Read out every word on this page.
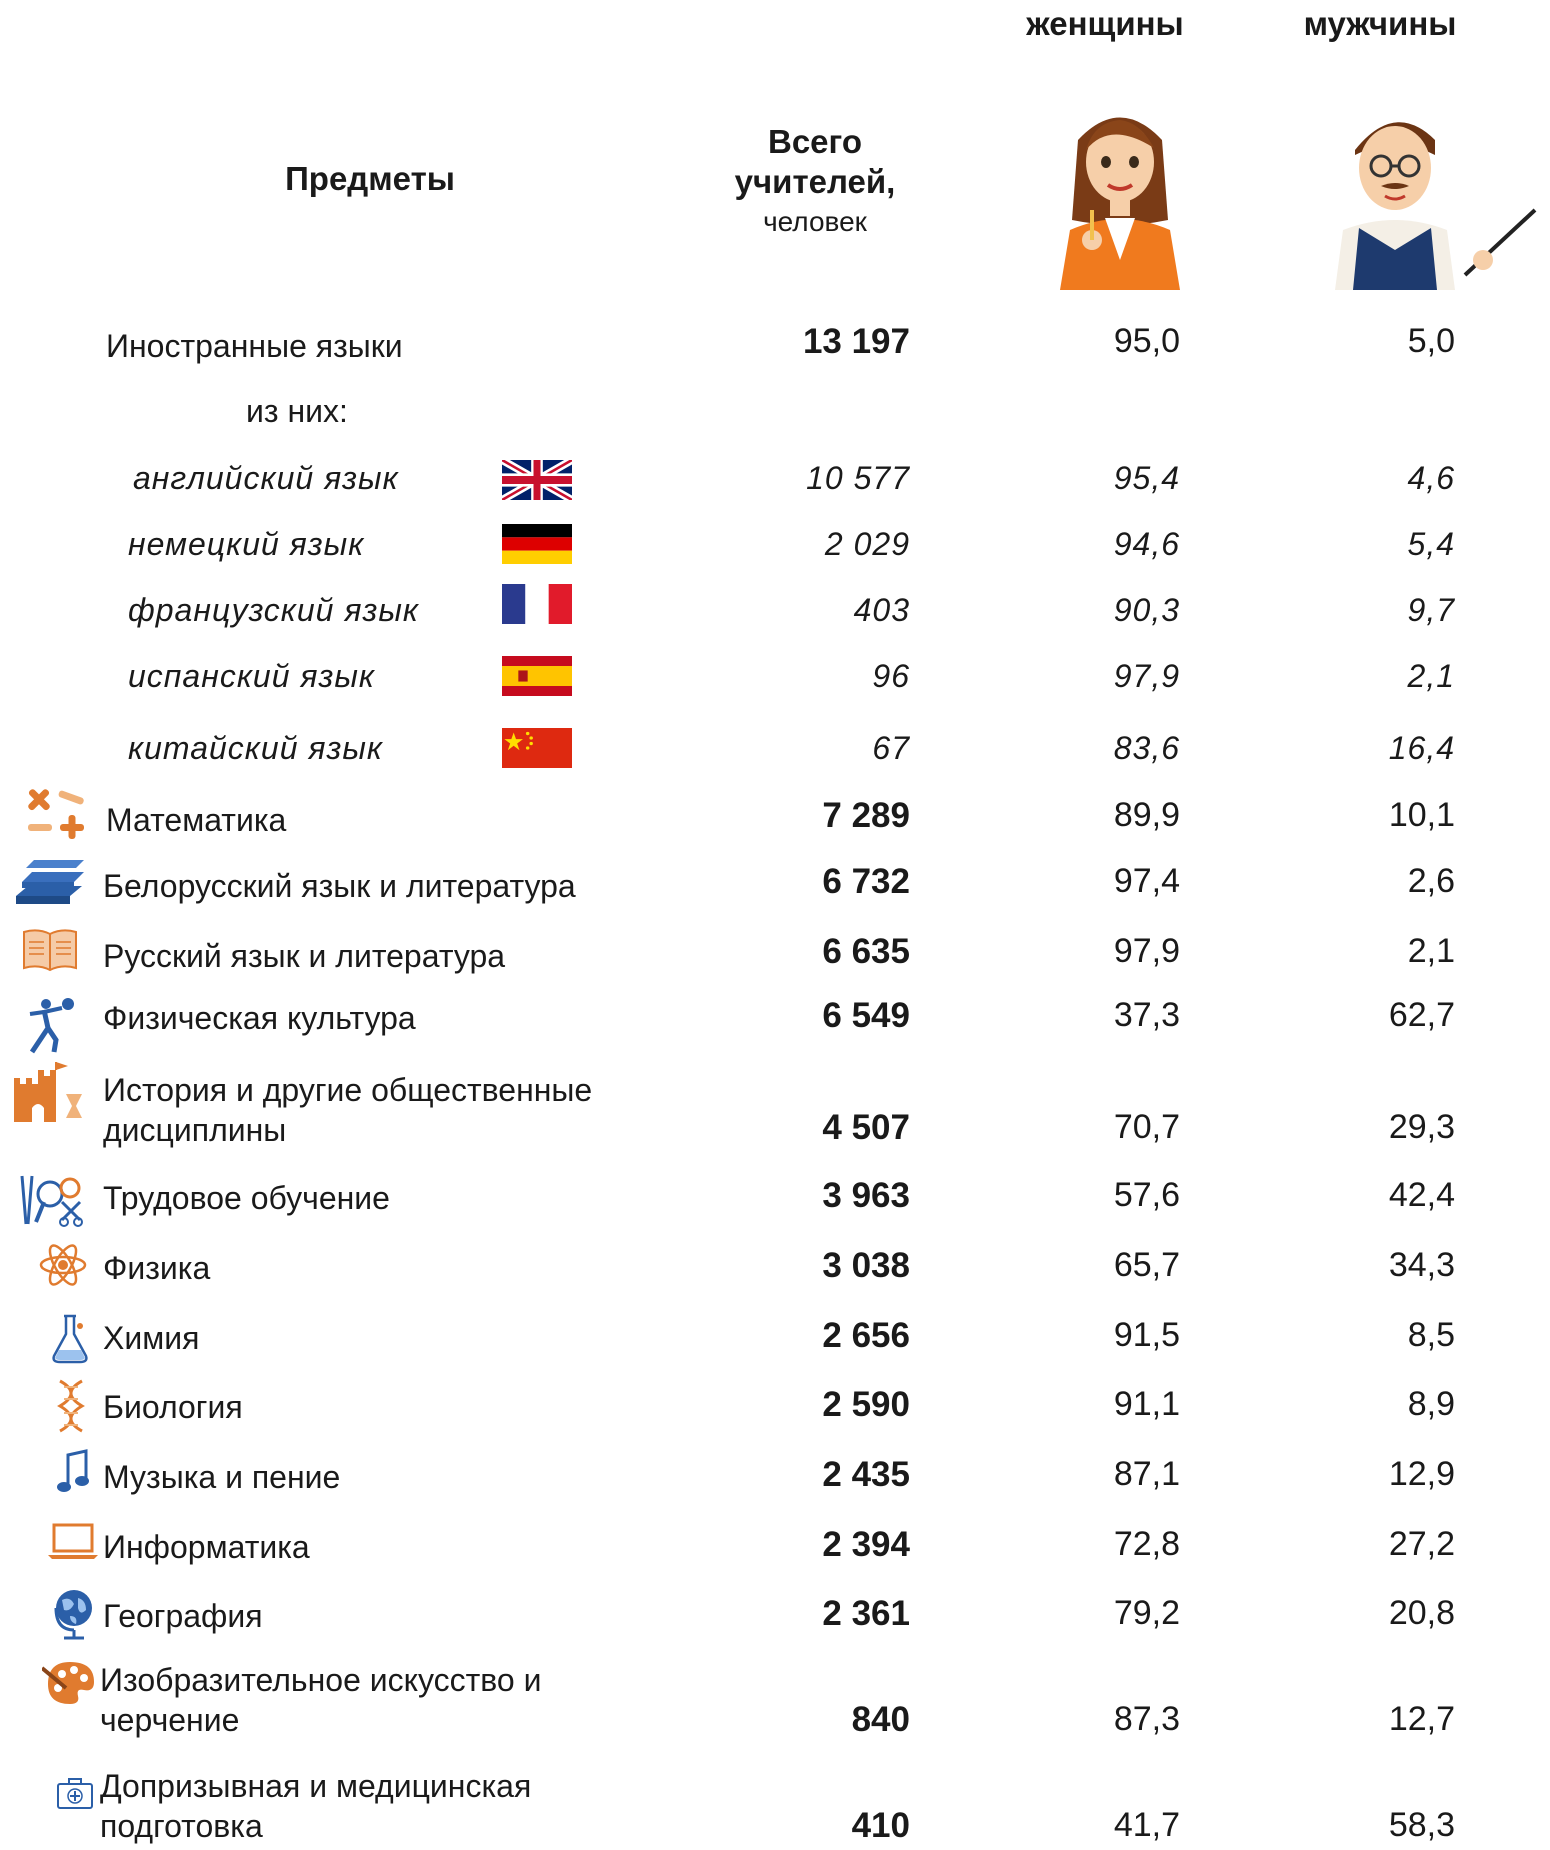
Предметы
Всего
учителей,
человек
женщины	мужчины
Иностранные языки	13 197	95,0	5,0
из них:
английский язык	10 577	95,4	4,6
немецкий язык	2 029	94,6	5,4
французский язык	403	90,3	9,7
испанский язык	96	97,9	2,1
китайский язык	67	83,6	16,4
Математика	7 289	89,9	10,1
Белорусский язык и литература	6 732	97,4	2,6
Русский язык и литература	6 635	97,9	2,1
Физическая культура	6 549	37,3	62,7
История и другие общественные
дисциплины	4 507	70,7	29,3
Трудовое обучение	3 963	57,6	42,4
Физика	3 038	65,7	34,3
Химия	2 656	91,5	8,5
Биология	2 590	91,1	8,9
Музыка и пение	2 435	87,1	12,9
Информатика	2 394	72,8	27,2
География	2 361	79,2	20,8
Изобразительное искусство и
черчение	840	87,3	12,7
Допризывная и медицинская
подготовка	410	41,7	58,3
